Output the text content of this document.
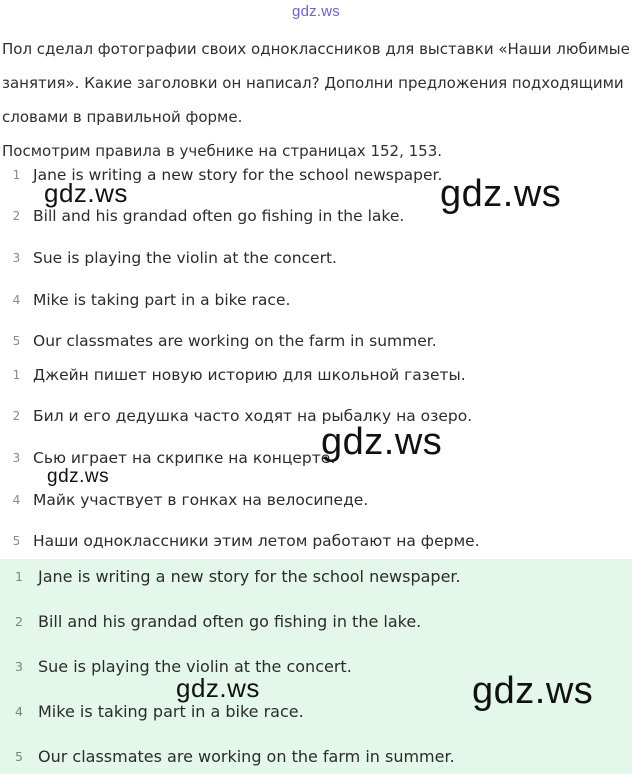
gdz.ws

Пол сделал фотографии своих одноклассников для выставки «Наши любимые

занятия». Какие заголовки он написал? Дополни предложения подходящими

словами в правильной форме.

Посмотрим правила в учебнике на страницах 152, 153.

1 Jane is writing a new story for the school newspaper.
2 Bill and his grandad often go fishing in the lake.
3 Sue is playing the violin at the concert.
4 Mike is taking part in a bike race.
5 Our classmates are working on the farm in summer.
1 Джейн пишет новую историю для школьной газеты.
2 Бил и его дедушка часто ходят на рыбалку на озеро.
3 Сью играет на скрипке на концерте.
4 Майк участвует в гонках на велосипеде.
5 Наши одноклассники этим летом работают на ферме.
1 Jane is writing a new story for the school newspaper.
2 Bill and his grandad often go fishing in the lake.
3 Sue is playing the violin at the concert.
4 Mike is taking part in a bike race.
5 Our classmates are working on the farm in summer.
gdz.ws	gdz.ws
gdz.ws
gdz.ws
gdz.ws	gdz.ws
